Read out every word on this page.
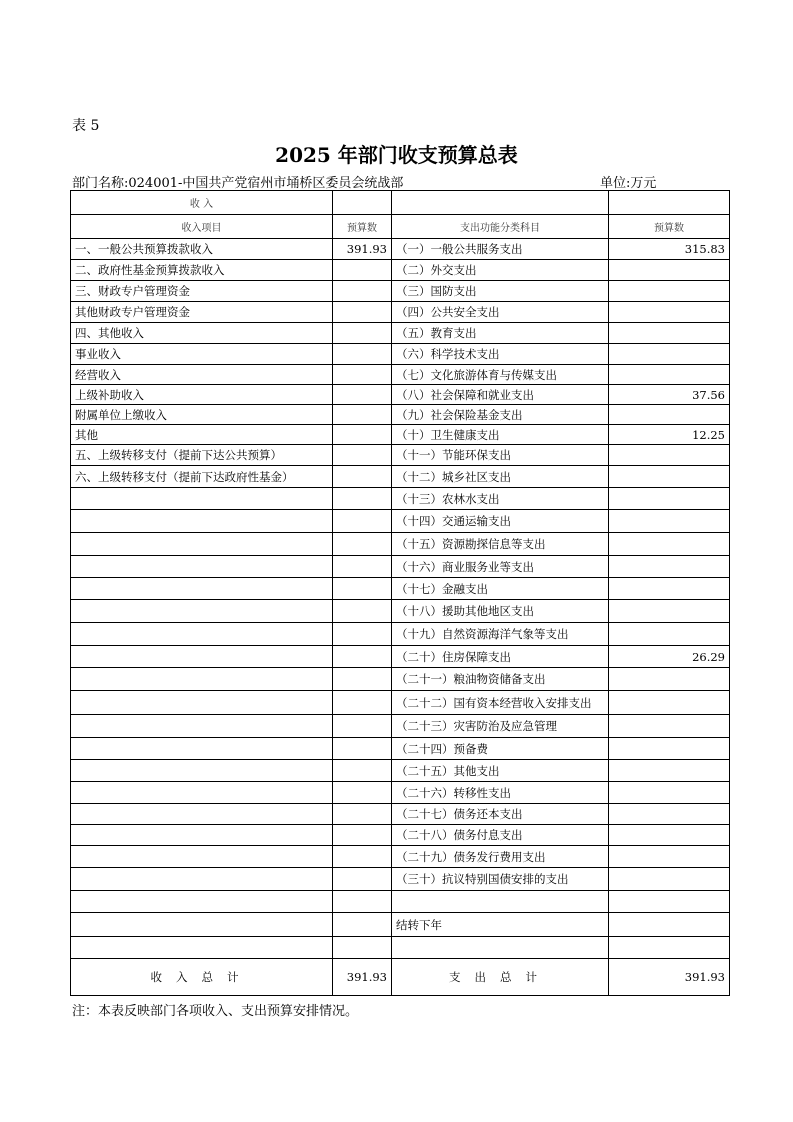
表 5
2025 年部门收支预算总表
部门名称:024001-中国共产党宿州市埇桥区委员会统战部	单位:万元
收 入			
收入项目	预算数	支出功能分类科目	预算数
一、一般公共预算拨款收入	391.93	（一）一般公共服务支出	315.83
二、政府性基金预算拨款收入		（二）外交支出	
三、财政专户管理资金		（三）国防支出	
其他财政专户管理资金		（四）公共安全支出	
四、其他收入		（五）教育支出	
事业收入		（六）科学技术支出	
经营收入		（七）文化旅游体育与传媒支出	
上级补助收入		（八）社会保障和就业支出	37.56
附属单位上缴收入		（九）社会保险基金支出	
其他		（十）卫生健康支出	12.25
五、上级转移支付（提前下达公共预算）		（十一）节能环保支出	
六、上级转移支付（提前下达政府性基金）		（十二）城乡社区支出	
		（十三）农林水支出	
		（十四）交通运输支出	
		（十五）资源勘探信息等支出	
		（十六）商业服务业等支出	
		（十七）金融支出	
		（十八）援助其他地区支出	
		（十九）自然资源海洋气象等支出	
		（二十）住房保障支出	26.29
		（二十一）粮油物资储备支出	
		（二十二）国有资本经营收入安排支出	
		（二十三）灾害防治及应急管理	
		（二十四）预备费	
		（二十五）其他支出	
		（二十六）转移性支出	
		（二十七）债务还本支出	
		（二十八）债务付息支出	
		（二十九）债务发行费用支出	
		（三十）抗议特别国债安排的支出	

		结转下年	

收入总计	391.93	支出总计	391.93
注：本表反映部门各项收入、支出预算安排情况。
